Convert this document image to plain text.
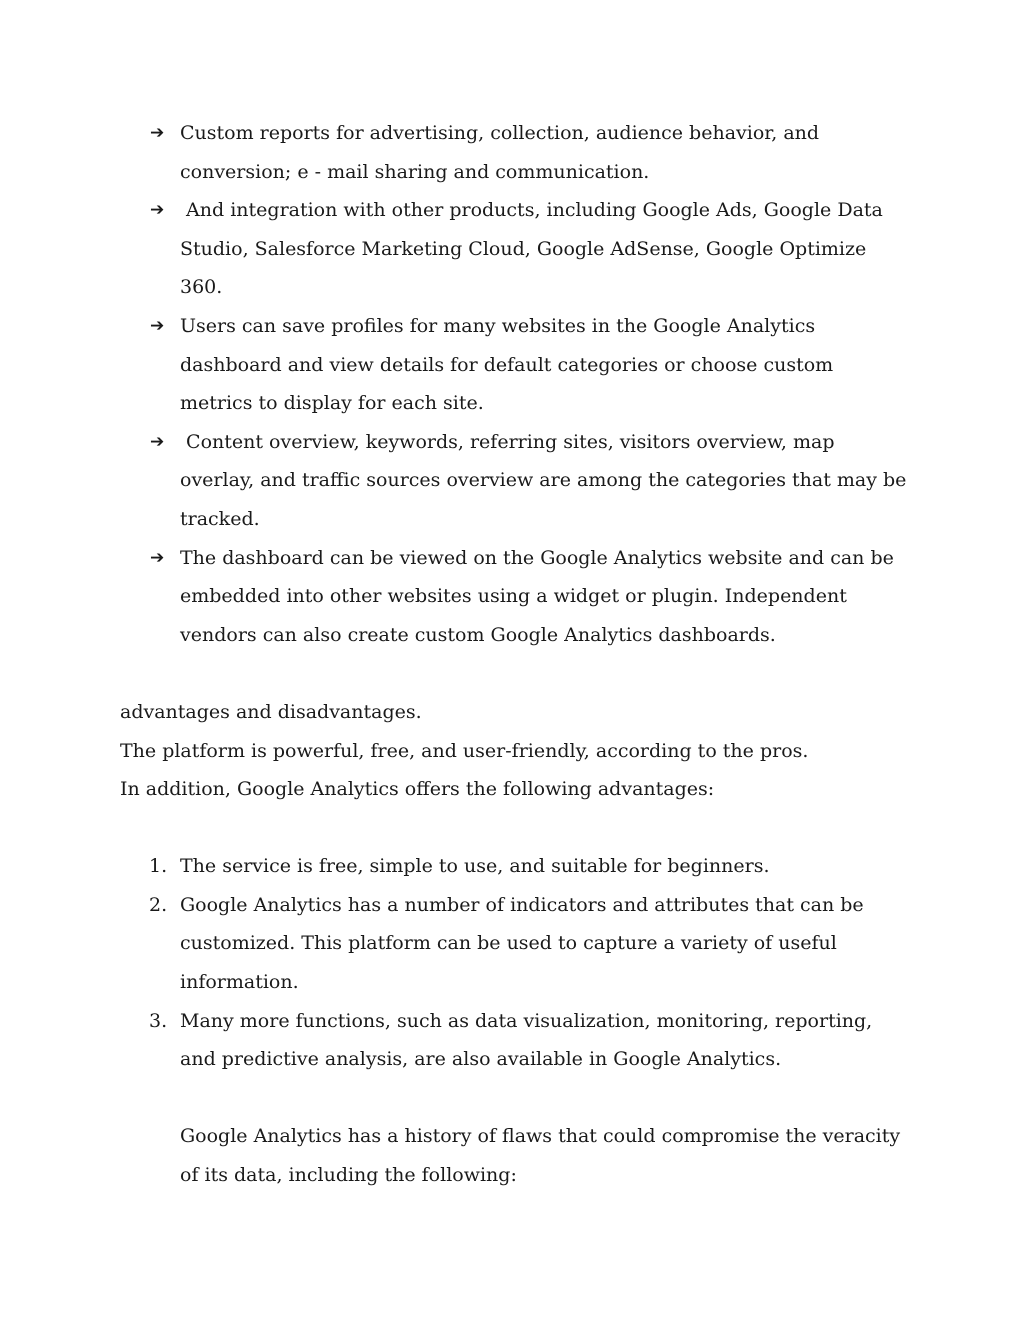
➔ Custom reports for advertising, collection, audience behavior, and conversion; e - mail sharing and communication.
➔ And integration with other products, including Google Ads, Google Data Studio, Salesforce Marketing Cloud, Google AdSense, Google Optimize 360.
➔ Users can save profiles for many websites in the Google Analytics dashboard and view details for default categories or choose custom metrics to display for each site.
➔ Content overview, keywords, referring sites, visitors overview, map overlay, and traffic sources overview are among the categories that may be tracked.
➔ The dashboard can be viewed on the Google Analytics website and can be embedded into other websites using a widget or plugin. Independent vendors can also create custom Google Analytics dashboards.

advantages and disadvantages.

The platform is powerful, free, and user-friendly, according to the pros.

In addition, Google Analytics offers the following advantages:

1. The service is free, simple to use, and suitable for beginners.
2. Google Analytics has a number of indicators and attributes that can be customized. This platform can be used to capture a variety of useful information.
3. Many more functions, such as data visualization, monitoring, reporting, and predictive analysis, are also available in Google Analytics.

Google Analytics has a history of flaws that could compromise the veracity of its data, including the following:
